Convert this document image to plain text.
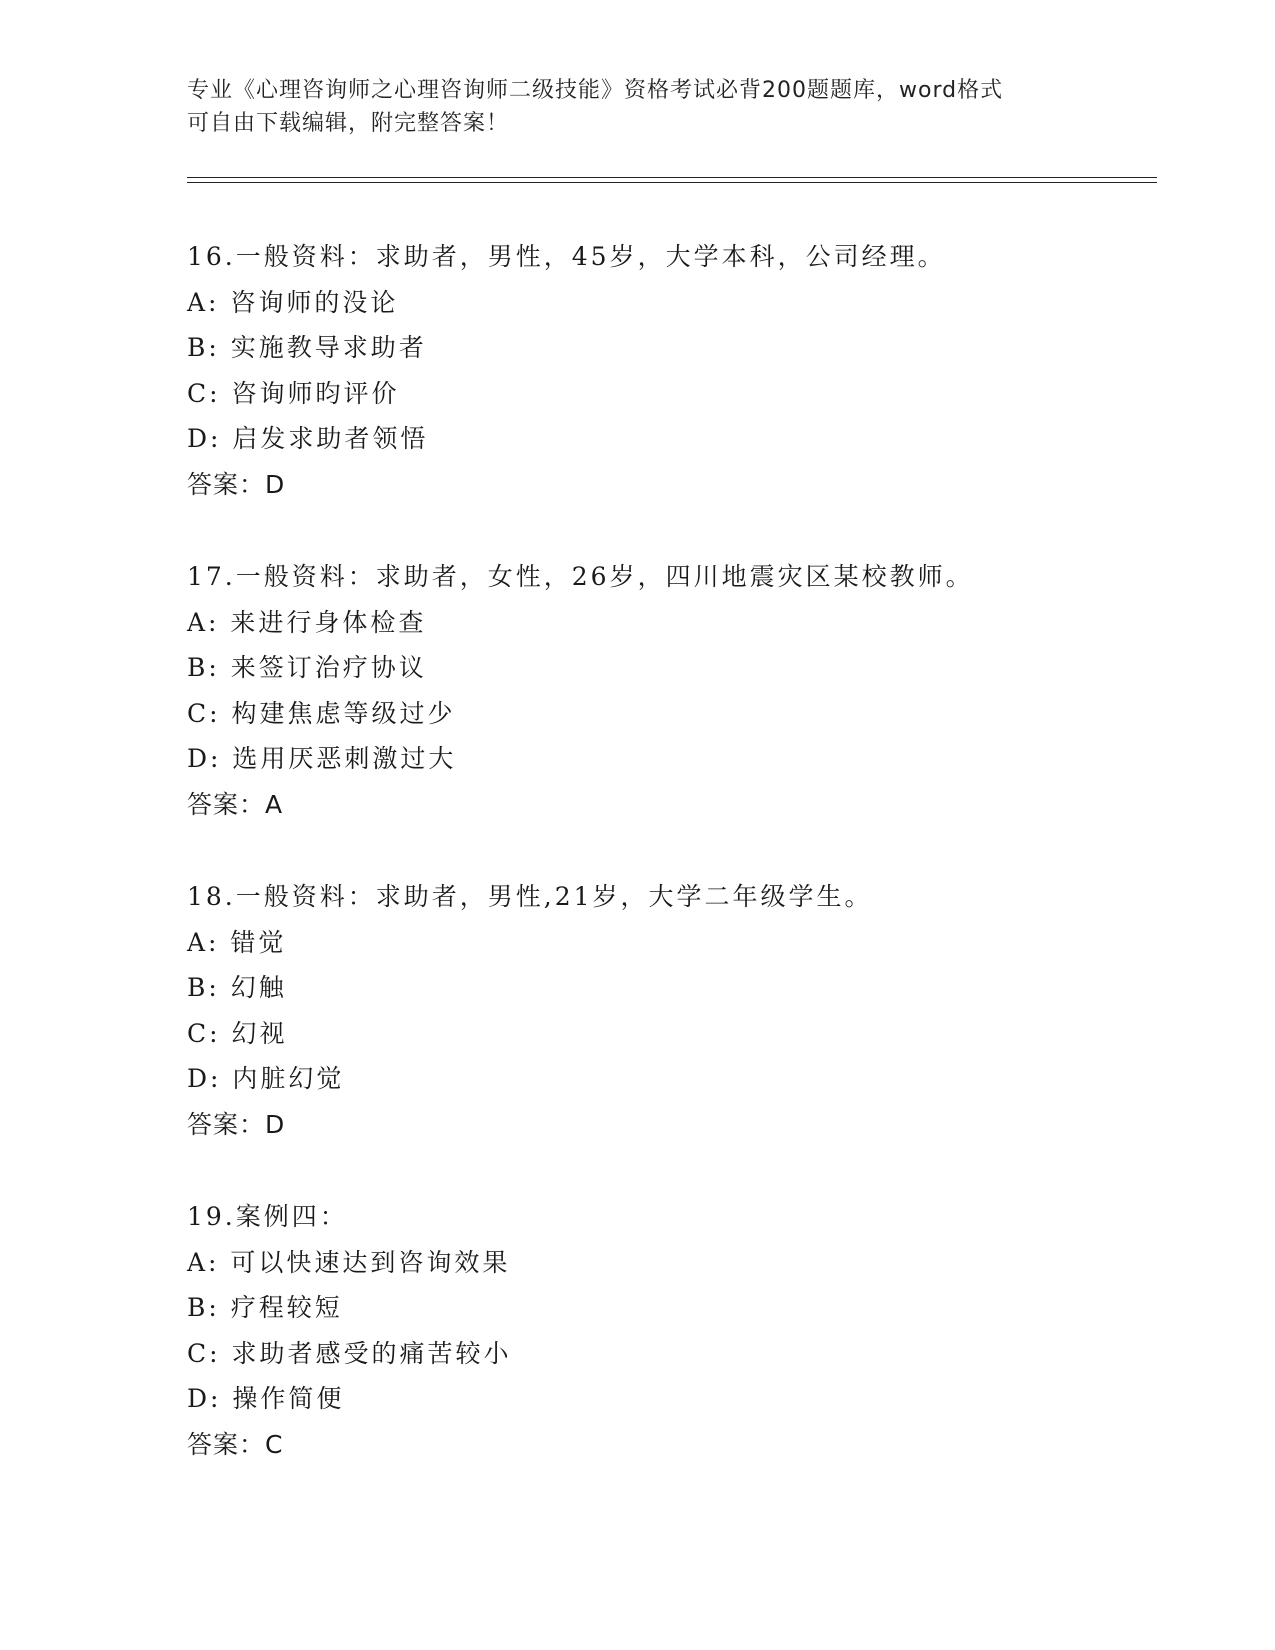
专业《心理咨询师之心理咨询师二级技能》资格考试必背200题题库，word格式
可自由下载编辑，附完整答案！
16.一般资料：求助者，男性，45岁，大学本科，公司经理。
A: 咨询师的没论
B: 实施教导求助者
C: 咨询师昀评价
D: 启发求助者领悟
答案：D
17.一般资料：求助者，女性，26岁，四川地震灾区某校教师。
A: 来进行身体检查
B: 来签订治疗协议
C: 构建焦虑等级过少
D: 选用厌恶刺激过大
答案：A
18.一般资料：求助者，男性,21岁，大学二年级学生。
A: 错觉
B: 幻触
C: 幻视
D: 内脏幻觉
答案：D
19.案例四：
A: 可以快速达到咨询效果
B: 疗程较短
C: 求助者感受的痛苦较小
D: 操作简便
答案：C
